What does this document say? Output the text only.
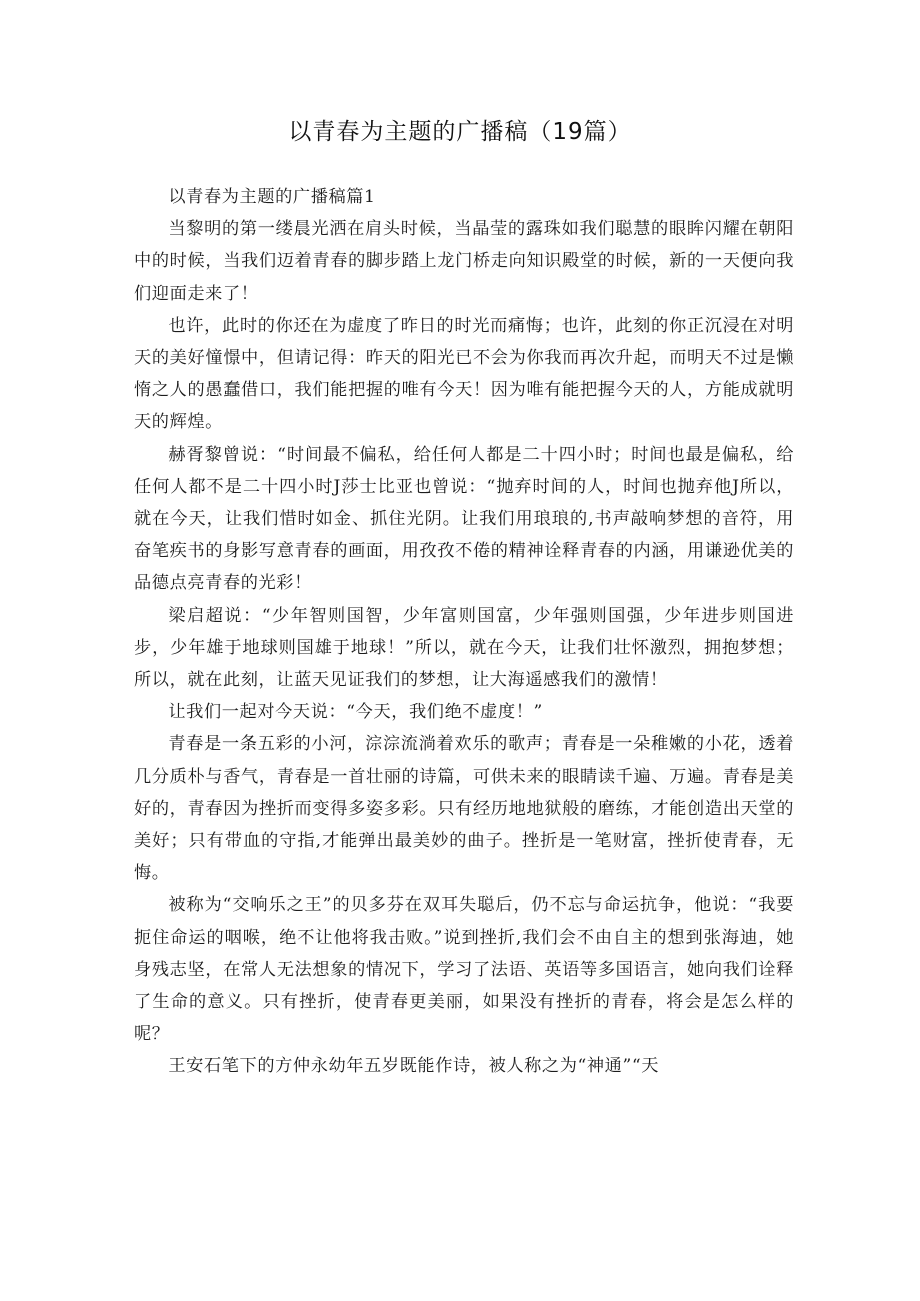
以青春为主题的广播稿（19篇）

以青春为主题的广播稿篇1

当黎明的第一缕晨光洒在肩头时候，当晶莹的露珠如我们聪慧的眼眸闪耀在朝阳中的时候，当我们迈着青春的脚步踏上龙门桥走向知识殿堂的时候，新的一天便向我们迎面走来了！

也许，此时的你还在为虚度了昨日的时光而痛悔；也许，此刻的你正沉浸在对明天的美好憧憬中，但请记得：昨天的阳光已不会为你我而再次升起，而明天不过是懒惰之人的愚蠢借口，我们能把握的唯有今天！因为唯有能把握今天的人，方能成就明天的辉煌。

赫胥黎曾说：“时间最不偏私，给任何人都是二十四小时；时间也最是偏私，给任何人都不是二十四小时J莎士比亚也曾说：“抛弃时间的人，时间也抛弃他J所以，就在今天，让我们惜时如金、抓住光阴。让我们用琅琅的,书声敲响梦想的音符，用奋笔疾书的身影写意青春的画面，用孜孜不倦的精神诠释青春的内涵，用谦逊优美的品德点亮青春的光彩！

梁启超说：“少年智则国智，少年富则国富，少年强则国强，少年进步则国进步，少年雄于地球则国雄于地球！”所以，就在今天，让我们壮怀激烈，拥抱梦想；所以，就在此刻，让蓝天见证我们的梦想，让大海遥感我们的激情！

让我们一起对今天说：“今天，我们绝不虚度！”

青春是一条五彩的小河，淙淙流淌着欢乐的歌声；青春是一朵稚嫩的小花，透着几分质朴与香气，青春是一首壮丽的诗篇，可供未来的眼睛读千遍、万遍。青春是美好的，青春因为挫折而变得多姿多彩。只有经历地地狱般的磨练，才能创造出天堂的美好；只有带血的守指,才能弹出最美妙的曲子。挫折是一笔财富，挫折使青春，无悔。

被称为“交响乐之王”的贝多芬在双耳失聪后，仍不忘与命运抗争，他说：“我要扼住命运的咽喉，绝不让他将我击败。”说到挫折,我们会不由自主的想到张海迪，她身残志坚，在常人无法想象的情况下，学习了法语、英语等多国语言，她向我们诠释了生命的意义。只有挫折，使青春更美丽，如果没有挫折的青春，将会是怎么样的呢？

王安石笔下的方仲永幼年五岁既能作诗，被人称之为“神通”“天
